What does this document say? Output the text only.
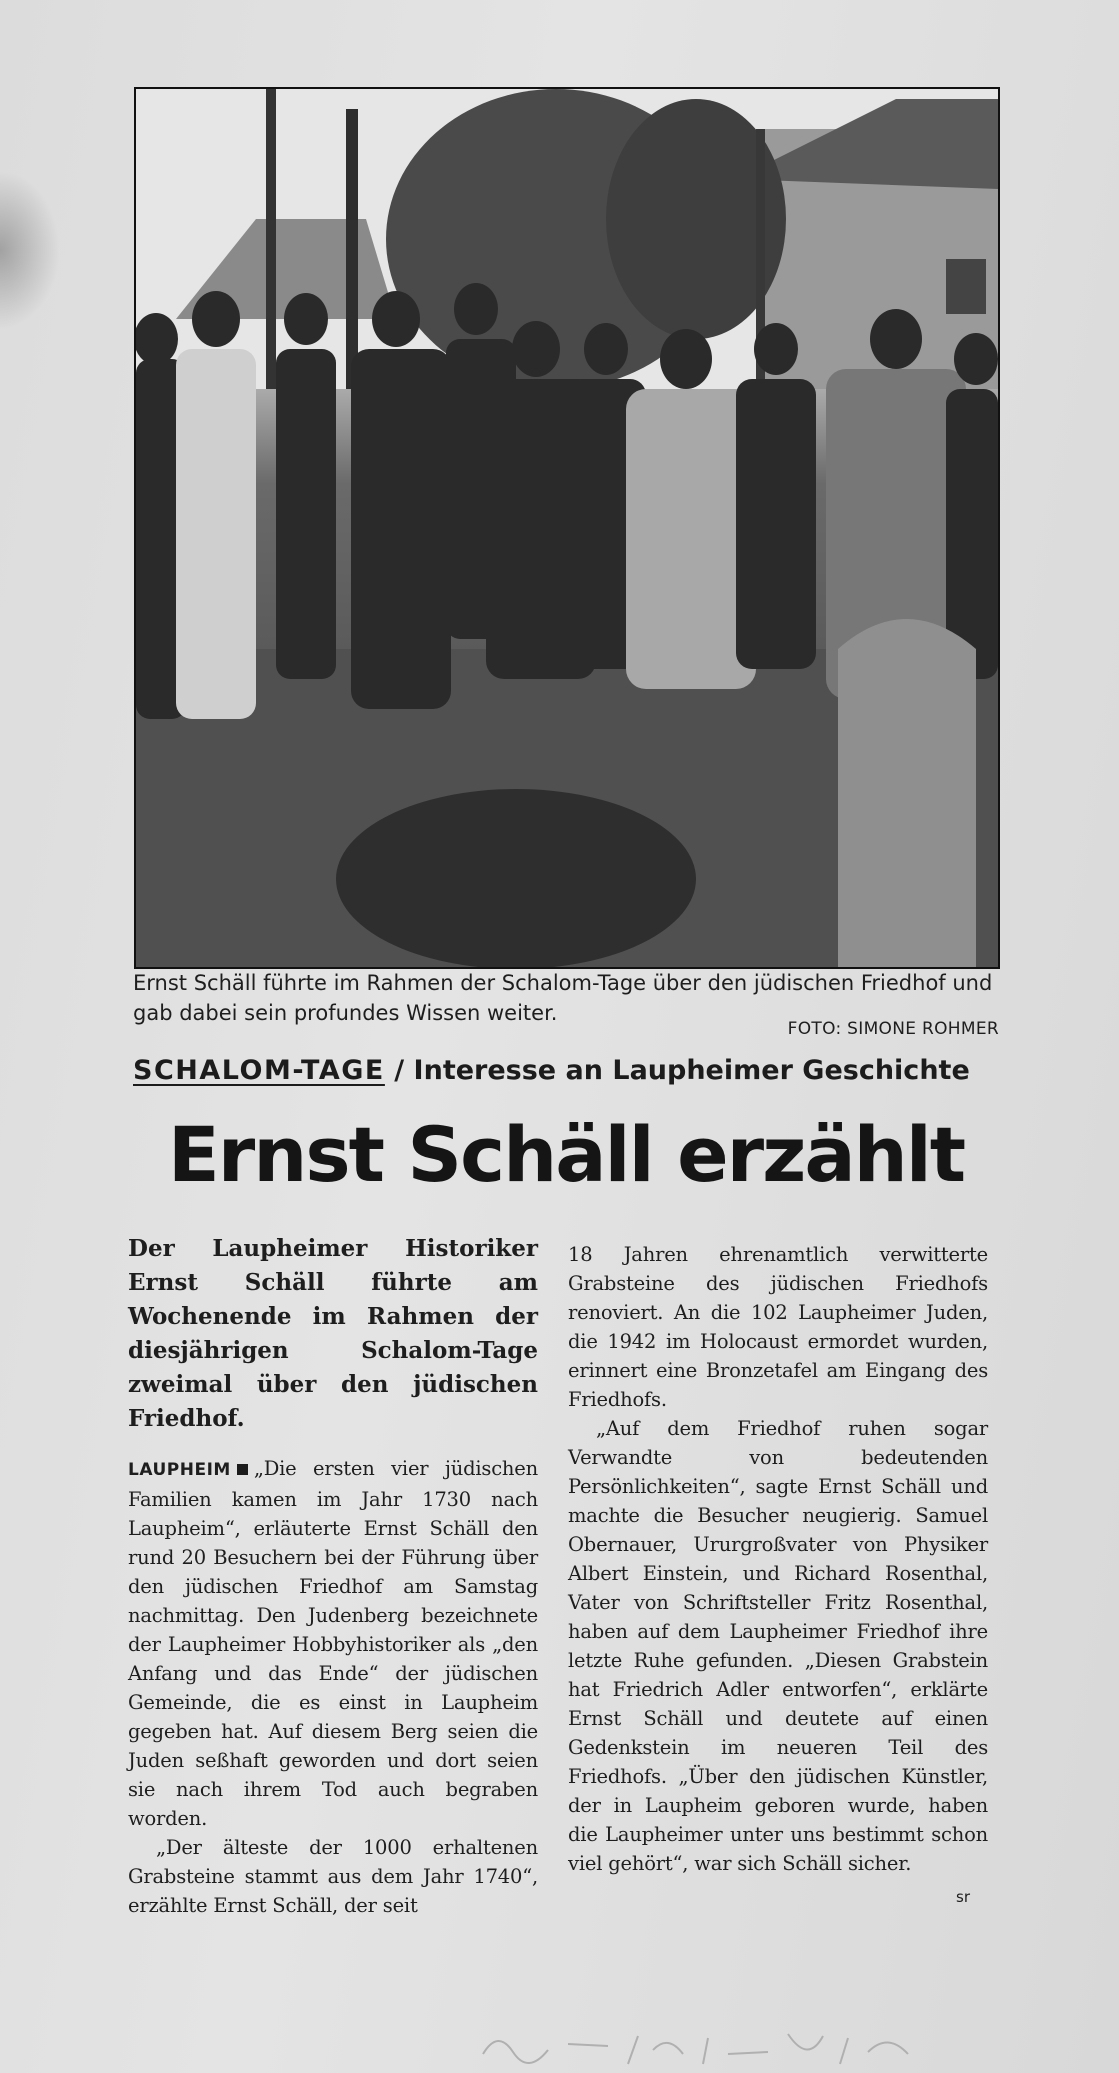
Ernst Schäll führte im Rahmen der Schalom-Tage über den jüdischen Friedhof und gab dabei sein profundes Wissen weiter.
FOTO: SIMONE ROHMER
SCHALOM-TAGE / Interesse an Laupheimer Geschichte
Ernst Schäll erzählt

Der Laupheimer Historiker Ernst Schäll führte am Wochenende im Rahmen der diesjährigen Schalom-Tage zweimal über den jüdischen Friedhof.

LAUPHEIM „Die ersten vier jüdischen Familien kamen im Jahr 1730 nach Laupheim“, erläuterte Ernst Schäll den rund 20 Besuchern bei der Führung über den jüdischen Friedhof am Samstag nachmittag. Den Judenberg bezeichnete der Laupheimer Hobbyhistoriker als „den Anfang und das Ende“ der jüdischen Gemeinde, die es einst in Laupheim gegeben hat. Auf diesem Berg seien die Juden seßhaft geworden und dort seien sie nach ihrem Tod auch begraben worden.

„Der älteste der 1000 erhaltenen Grabsteine stammt aus dem Jahr 1740“, erzählte Ernst Schäll, der seit

18 Jahren ehrenamtlich verwitterte Grabsteine des jüdischen Friedhofs renoviert. An die 102 Laupheimer Juden, die 1942 im Holocaust ermordet wurden, erinnert eine Bronzetafel am Eingang des Friedhofs.

„Auf dem Friedhof ruhen sogar Verwandte von bedeutenden Persönlichkeiten“, sagte Ernst Schäll und machte die Besucher neugierig. Samuel Obernauer, Ururgroßvater von Physiker Albert Einstein, und Richard Rosenthal, Vater von Schriftsteller Fritz Rosenthal, haben auf dem Laupheimer Friedhof ihre letzte Ruhe gefunden. „Diesen Grabstein hat Friedrich Adler entworfen“, erklärte Ernst Schäll und deutete auf einen Gedenkstein im neueren Teil des Friedhofs. „Über den jüdischen Künstler, der in Laupheim geboren wurde, haben die Laupheimer unter uns bestimmt schon viel gehört“, war sich Schäll sicher.

sr
